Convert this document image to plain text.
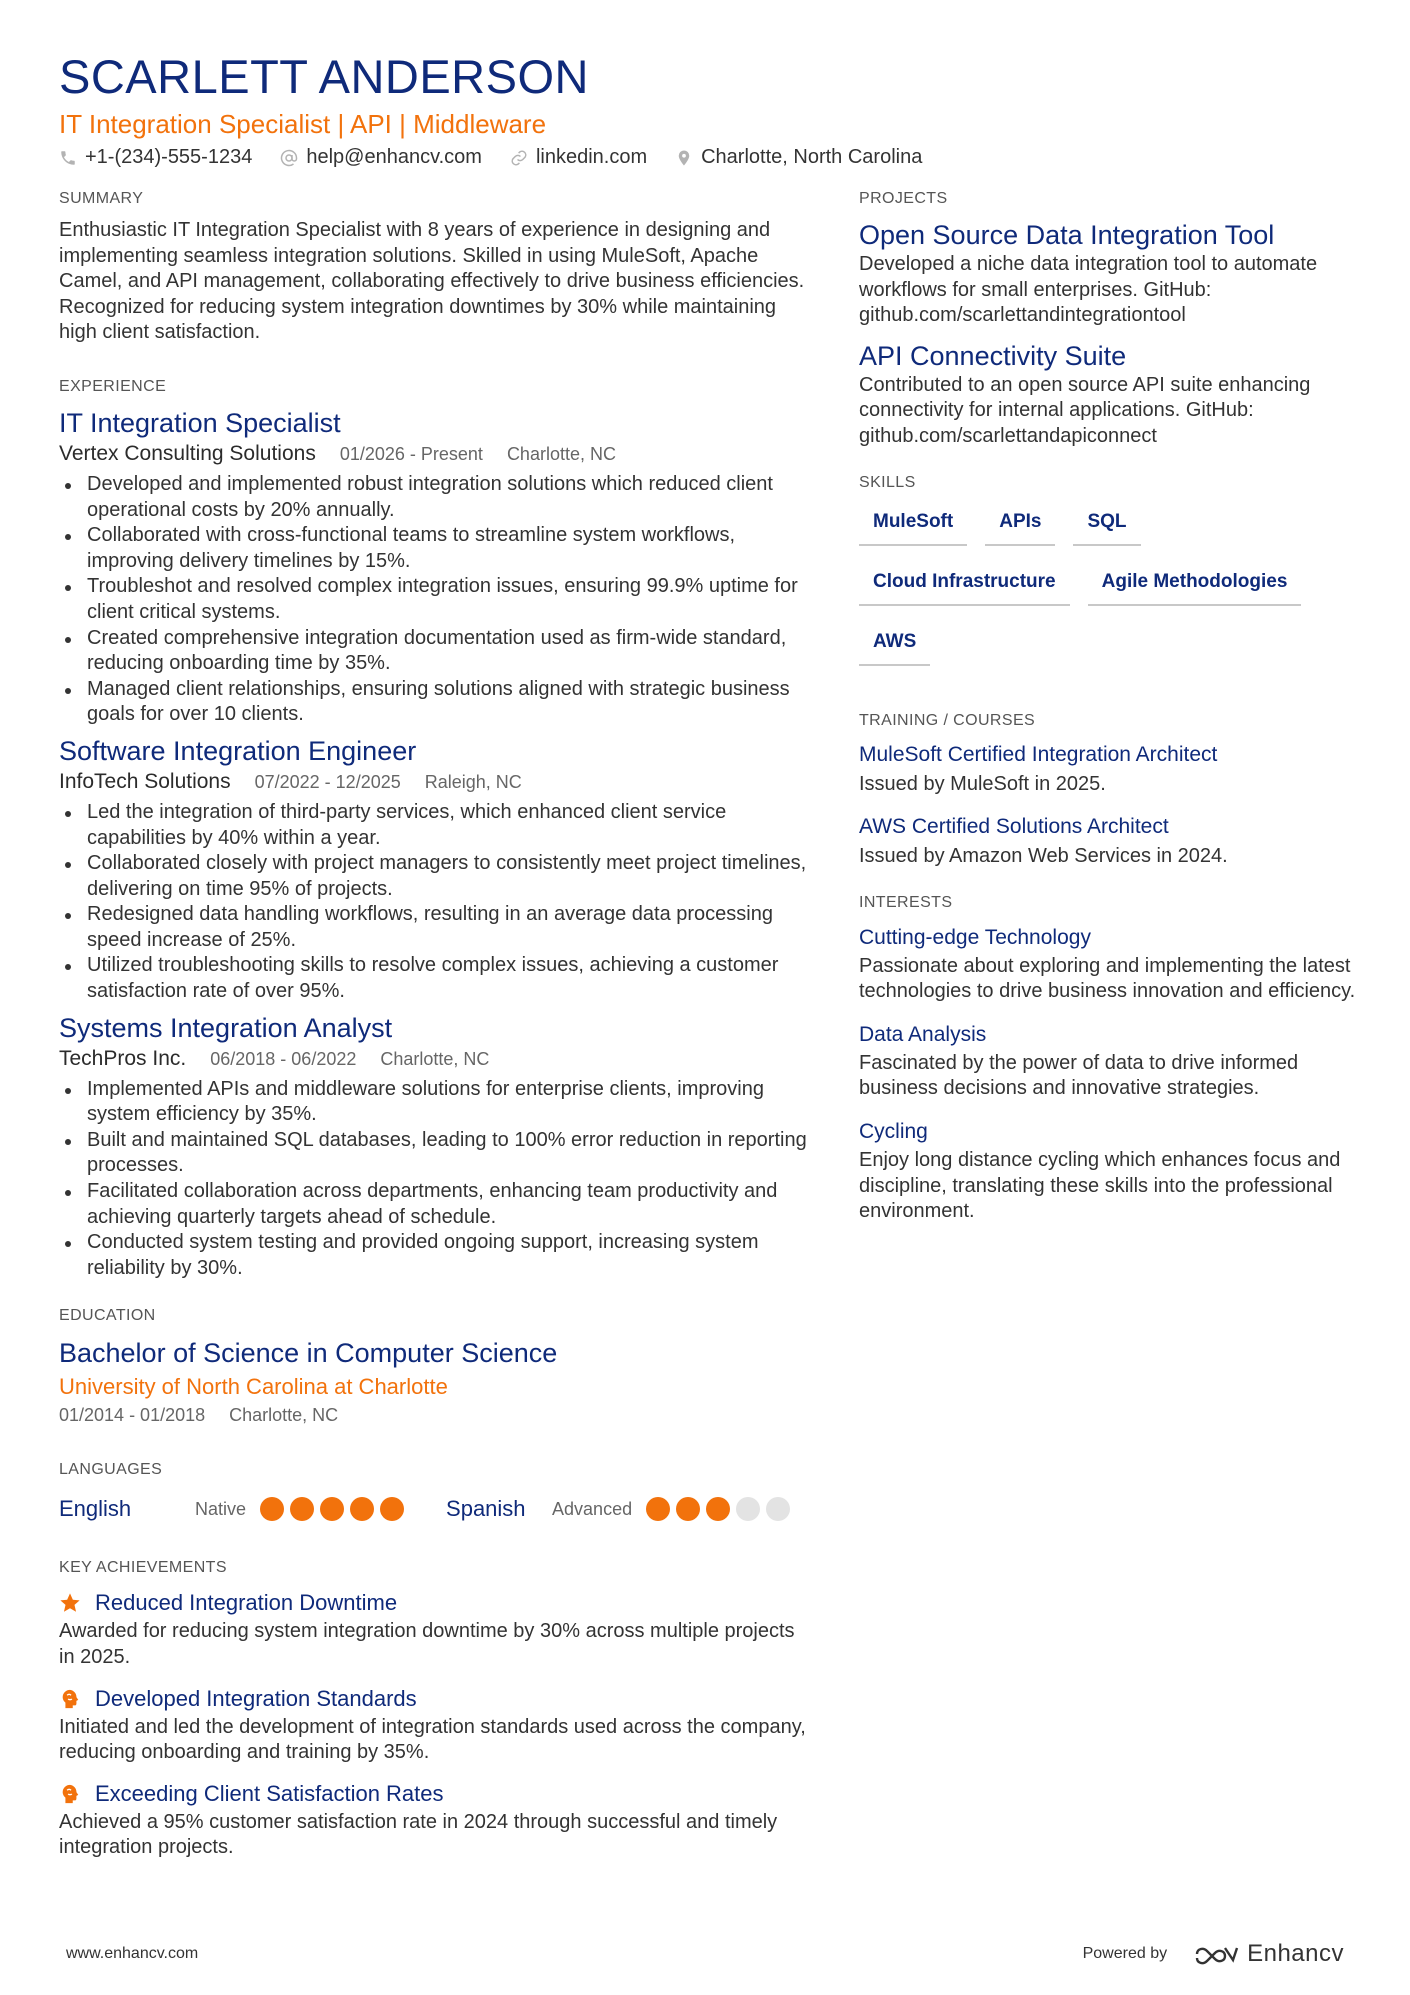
SCARLETT ANDERSON
IT Integration Specialist | API | Middleware
+1-(234)-555-1234	help@enhancv.com	linkedin.com	Charlotte, North Carolina
SUMMARY
Enthusiastic IT Integration Specialist with 8 years of experience in designing and implementing seamless integration solutions. Skilled in using MuleSoft, Apache Camel, and API management, collaborating effectively to drive business efficiencies. Recognized for reducing system integration downtimes by 30% while maintaining high client satisfaction.
EXPERIENCE
IT Integration Specialist
Vertex Consulting Solutions 01/2026 - Present Charlotte, NC
Developed and implemented robust integration solutions which reduced client operational costs by 20% annually.
Collaborated with cross-functional teams to streamline system workflows, improving delivery timelines by 15%.
Troubleshot and resolved complex integration issues, ensuring 99.9% uptime for client critical systems.
Created comprehensive integration documentation used as firm-wide standard, reducing onboarding time by 35%.
Managed client relationships, ensuring solutions aligned with strategic business goals for over 10 clients.
Software Integration Engineer
InfoTech Solutions 07/2022 - 12/2025 Raleigh, NC
Led the integration of third-party services, which enhanced client service capabilities by 40% within a year.
Collaborated closely with project managers to consistently meet project timelines, delivering on time 95% of projects.
Redesigned data handling workflows, resulting in an average data processing speed increase of 25%.
Utilized troubleshooting skills to resolve complex issues, achieving a customer satisfaction rate of over 95%.
Systems Integration Analyst
TechPros Inc. 06/2018 - 06/2022 Charlotte, NC
Implemented APIs and middleware solutions for enterprise clients, improving system efficiency by 35%.
Built and maintained SQL databases, leading to 100% error reduction in reporting processes.
Facilitated collaboration across departments, enhancing team productivity and achieving quarterly targets ahead of schedule.
Conducted system testing and provided ongoing support, increasing system reliability by 30%.
EDUCATION
Bachelor of Science in Computer Science
University of North Carolina at Charlotte
01/2014 - 01/2018 Charlotte, NC
LANGUAGES
English	Native	Spanish	Advanced
KEY ACHIEVEMENTS
Reduced Integration Downtime
Awarded for reducing system integration downtime by 30% across multiple projects in 2025.
Developed Integration Standards
Initiated and led the development of integration standards used across the company, reducing onboarding and training by 35%.
Exceeding Client Satisfaction Rates
Achieved a 95% customer satisfaction rate in 2024 through successful and timely integration projects.
PROJECTS
Open Source Data Integration Tool
Developed a niche data integration tool to automate workflows for small enterprises. GitHub: github.com/scarlettandintegrationtool
API Connectivity Suite
Contributed to an open source API suite enhancing connectivity for internal applications. GitHub: github.com/scarlettandapiconnect
SKILLS
MuleSoft	APIs	SQL
Cloud Infrastructure	Agile Methodologies
AWS
TRAINING / COURSES
MuleSoft Certified Integration Architect
Issued by MuleSoft in 2025.
AWS Certified Solutions Architect
Issued by Amazon Web Services in 2024.
INTERESTS
Cutting-edge Technology
Passionate about exploring and implementing the latest technologies to drive business innovation and efficiency.
Data Analysis
Fascinated by the power of data to drive informed business decisions and innovative strategies.
Cycling
Enjoy long distance cycling which enhances focus and discipline, translating these skills into the professional environment.
www.enhancv.com	Powered by	Enhancv
